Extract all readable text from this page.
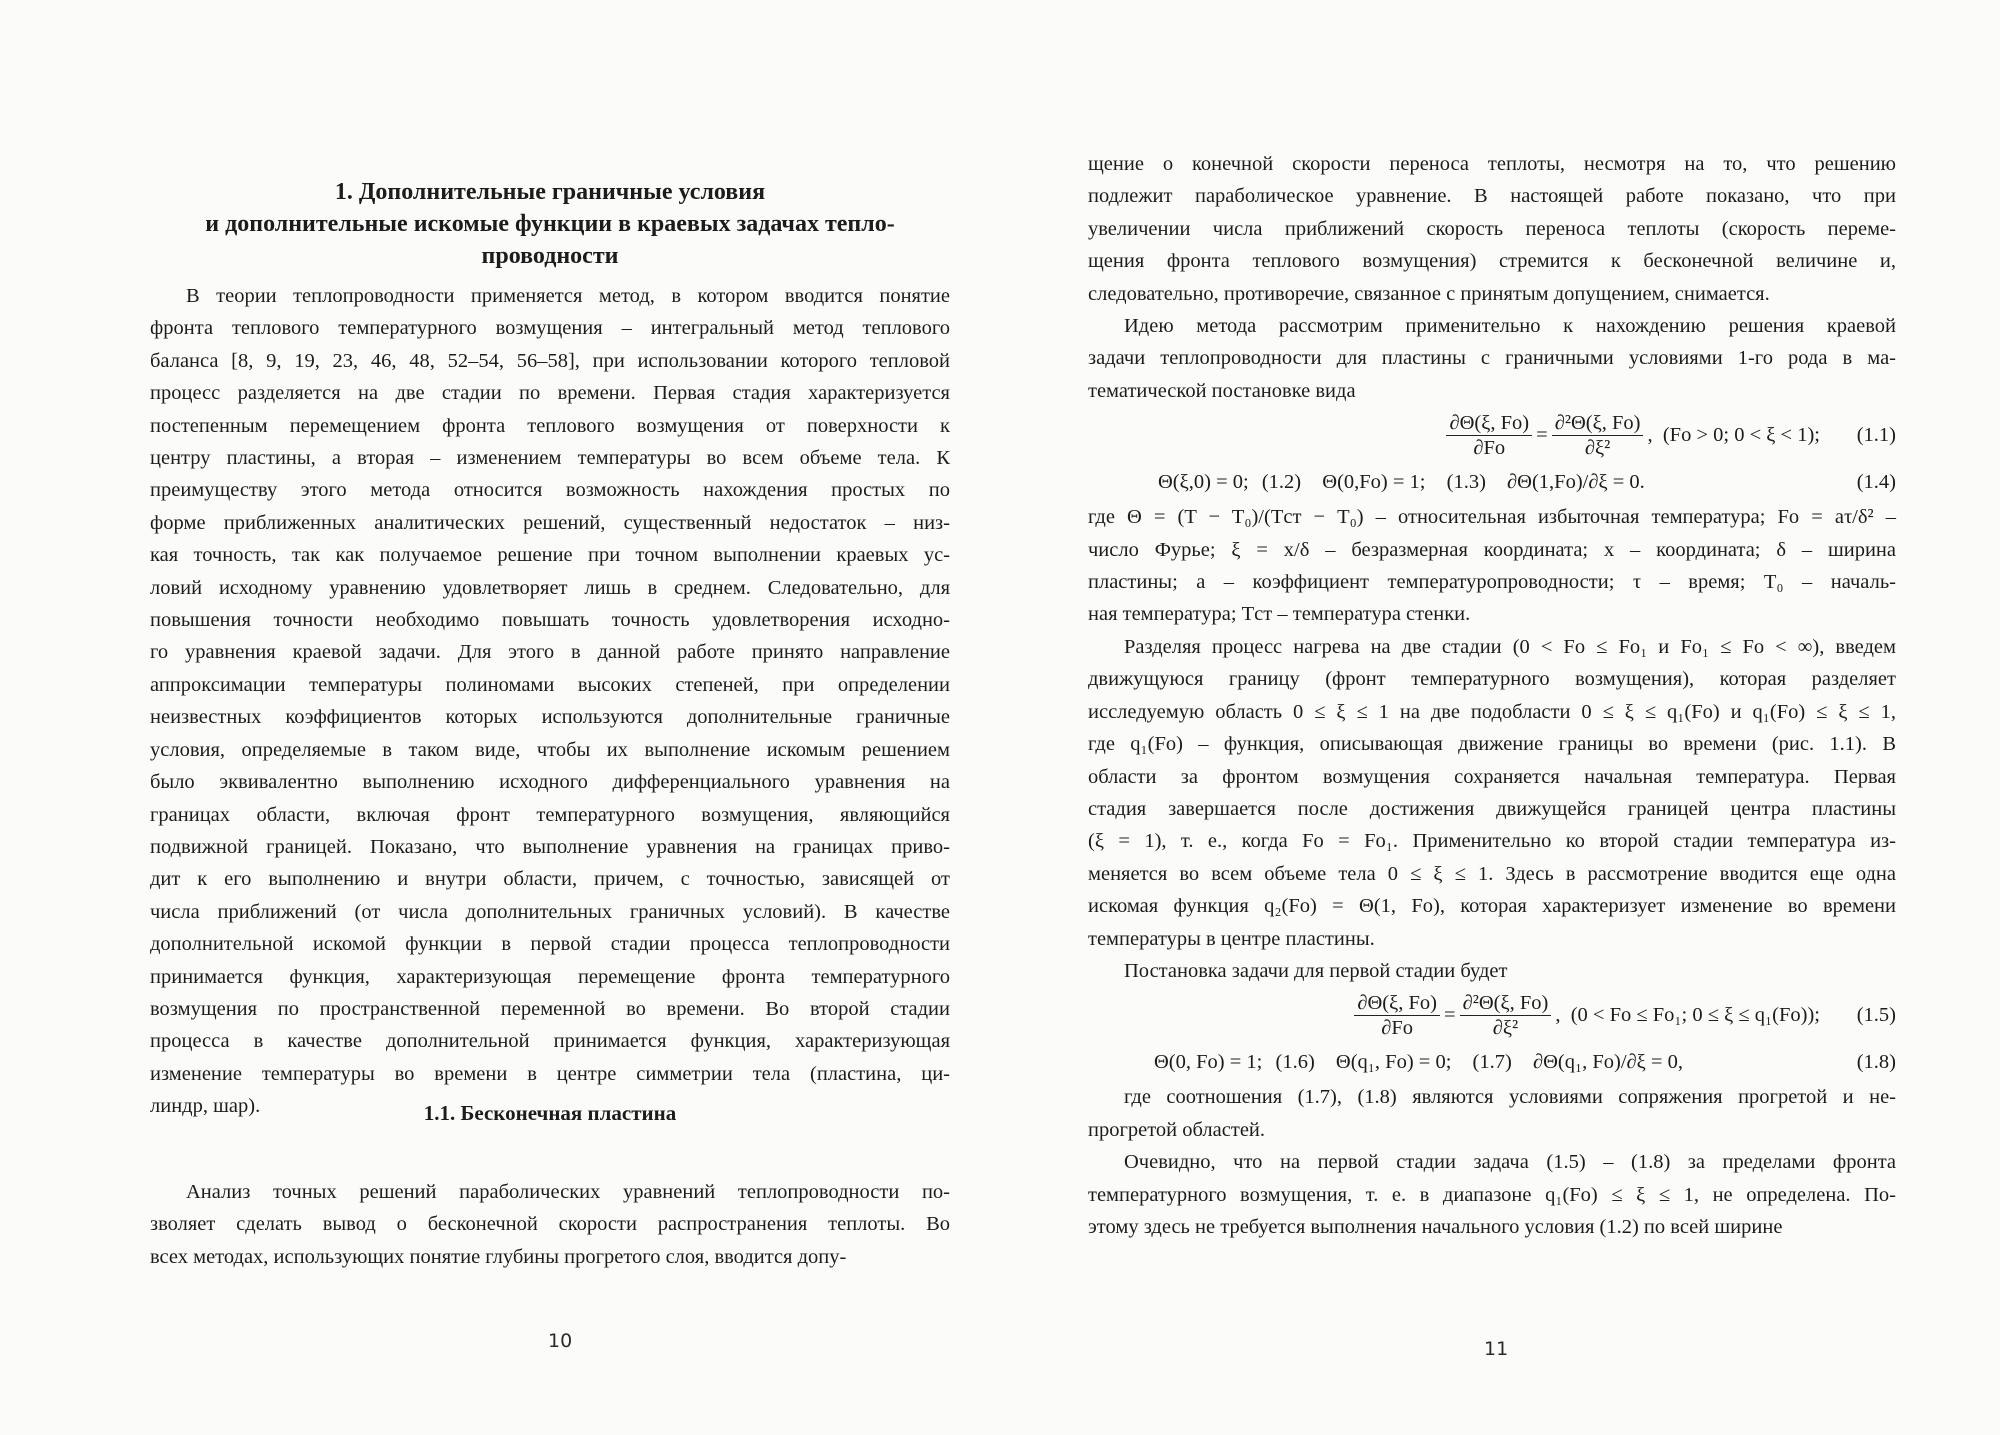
1. Дополнительные граничные условия
и дополнительные искомые функции в краевых задачах тепло-
проводности
В теории теплопроводности применяется метод, в котором вводится понятие
фронта теплового температурного возмущения – интегральный метод теплового
баланса [8, 9, 19, 23, 46, 48, 52–54, 56–58], при использовании которого тепловой
процесс разделяется на две стадии по времени. Первая стадия характеризуется
постепенным перемещением фронта теплового возмущения от поверхности к
центру пластины, а вторая – изменением температуры во всем объеме тела. К
преимуществу этого метода относится возможность нахождения простых по
форме приближенных аналитических решений, существенный недостаток – низ-
кая точность, так как получаемое решение при точном выполнении краевых ус-
ловий исходному уравнению удовлетворяет лишь в среднем. Следовательно, для
повышения точности необходимо повышать точность удовлетворения исходно-
го уравнения краевой задачи. Для этого в данной работе принято направление
аппроксимации температуры полиномами высоких степеней, при определении
неизвестных коэффициентов которых используются дополнительные граничные
условия, определяемые в таком виде, чтобы их выполнение искомым решением
было эквивалентно выполнению исходного дифференциального уравнения на
границах области, включая фронт температурного возмущения, являющийся
подвижной границей. Показано, что выполнение уравнения на границах приво-
дит к его выполнению и внутри области, причем, с точностью, зависящей от
числа приближений (от числа дополнительных граничных условий). В качестве
дополнительной искомой функции в первой стадии процесса теплопроводности
принимается функция, характеризующая перемещение фронта температурного
возмущения по пространственной переменной во времени. Во второй стадии
процесса в качестве дополнительной принимается функция, характеризующая
изменение температуры во времени в центре симметрии тела (пластина, ци-
линдр, шар).	1.1. Бесконечная пластина
Анализ точных решений параболических уравнений теплопроводности по-
зволяет сделать вывод о бесконечной скорости распространения теплоты. Во
всех методах, использующих понятие глубины прогретого слоя, вводится допу-
10
щение о конечной скорости переноса теплоты, несмотря на то, что решению
подлежит параболическое уравнение. В настоящей работе показано, что при
увеличении числа приближений скорость переноса теплоты (скорость переме-
щения фронта теплового возмущения) стремится к бесконечной величине и,
следовательно, противоречие, связанное с принятым допущением, снимается.
Идею метода рассмотрим применительно к нахождению решения краевой
задачи теплопроводности для пластины с граничными условиями 1-го рода в ма-
тематической постановке вида
$\frac{\partial\Theta(\xi, Fo)}{\partial Fo} = \frac{\text{∂²Θ(ξ, Fo)}}{\text{∂ξ²}}$ , (Fo > 0; 0 < ξ < 1);	(1.1)
Θ(ξ,0) = 0; (1.2) Θ(0,Fo) = 1; (1.3) ∂Θ(1,Fo)/∂ξ = 0.	(1.4)
где Θ = (T − T₀)/(Tст − T₀) – относительная избыточная температура; Fo = aτ/δ² –
число Фурье; ξ = x/δ – безразмерная координата; x – координата; δ – ширина
пластины; a – коэффициент температуропроводности; τ – время; T₀ – началь-
ная температура; Tст – температура стенки.
Разделяя процесс нагрева на две стадии (0 < Fo ≤ Fo₁ и Fo₁ ≤ Fo < ∞), введем
движущуюся границу (фронт температурного возмущения), которая разделяет
исследуемую область 0 ≤ ξ ≤ 1 на две подобласти 0 ≤ ξ ≤ q₁(Fo) и q₁(Fo) ≤ ξ ≤ 1,
где q₁(Fo) – функция, описывающая движение границы во времени (рис. 1.1). В
области за фронтом возмущения сохраняется начальная температура. Первая
стадия завершается после достижения движущейся границей центра пластины
(ξ = 1), т. е., когда Fo = Fo₁. Применительно ко второй стадии температура из-
меняется во всем объеме тела 0 ≤ ξ ≤ 1. Здесь в рассмотрение вводится еще одна
искомая функция q₂(Fo) = Θ(1, Fo), которая характеризует изменение во времени
температуры в центре пластины.

Постановка задачи для первой стадии будет

$\frac{\partial\Theta(\xi, Fo)}{\partial Fo} = \frac{\text{∂²Θ(ξ, Fo)}}{\text{∂ξ²}}$ , (0 < Fo ≤ Fo₁; 0 ≤ ξ ≤ q₁(Fo));	(1.5)
Θ(0, Fo) = 1; (1.6) Θ(q₁, Fo) = 0; (1.7) ∂Θ(q₁, Fo)/∂ξ = 0,	(1.8)
где соотношения (1.7), (1.8) являются условиями сопряжения прогретой и не-
прогретой областей.
Очевидно, что на первой стадии задача (1.5) – (1.8) за пределами фронта
температурного возмущения, т. е. в диапазоне q₁(Fo) ≤ ξ ≤ 1, не определена. По-
этому здесь не требуется выполнения начального условия (1.2) по всей ширине
11
